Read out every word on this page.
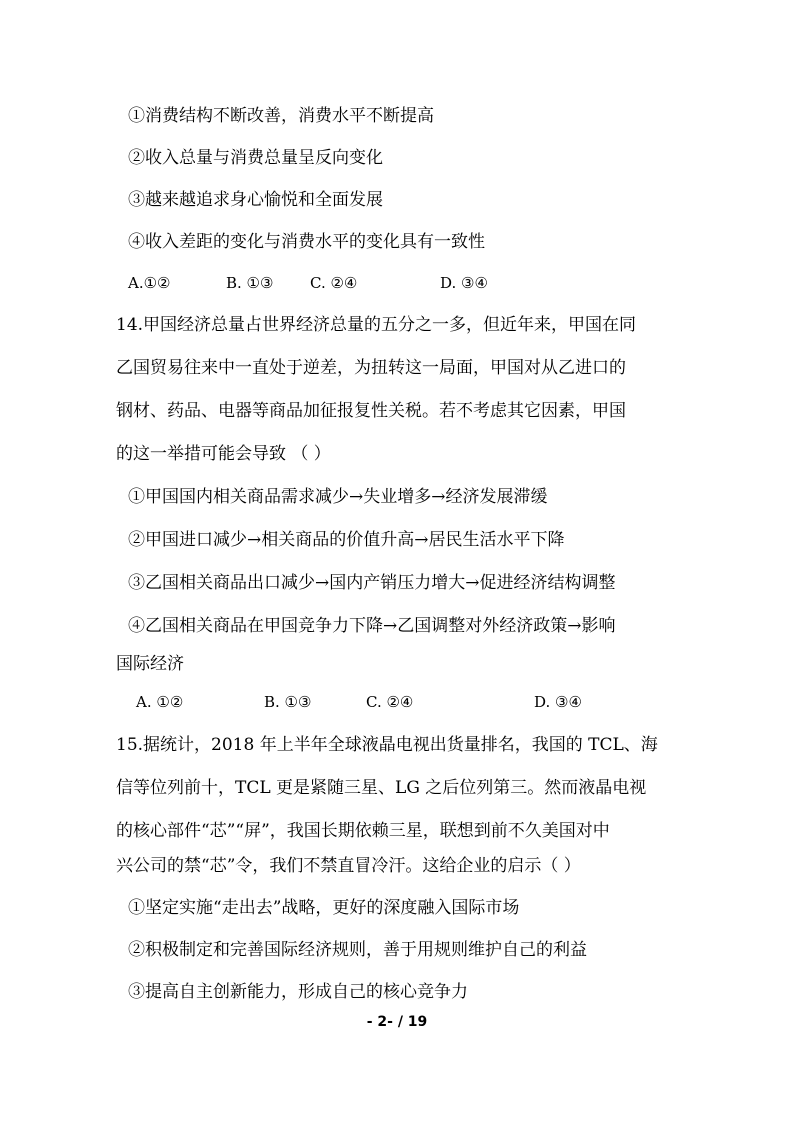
①消费结构不断改善，消费水平不断提高
②收入总量与消费总量呈反向变化
③越来越追求身心愉悦和全面发展
④收入差距的变化与消费水平的变化具有一致性
A.①②	B. ①③ C. ②④	D. ③④
14.甲国经济总量占世界经济总量的五分之一多，但近年来，甲国在同
乙国贸易往来中一直处于逆差，为扭转这一局面，甲国对从乙进口的
钢材、药品、电器等商品加征报复性关税。若不考虑其它因素，甲国
的这一举措可能会导致 （ ）
①甲国国内相关商品需求减少→失业增多→经济发展滞缓
②甲国进口减少→相关商品的价值升高→居民生活水平下降
③乙国相关商品出口减少→国内产销压力增大→促进经济结构调整
④乙国相关商品在甲国竞争力下降→乙国调整对外经济政策→影响
国际经济
A. ①②	B. ①③	C. ②④	D. ③④
15.据统计，2018 年上半年全球液晶电视出货量排名，我国的 TCL、海
信等位列前十，TCL 更是紧随三星、LG 之后位列第三。然而液晶电视
的核心部件“芯”“屏”，我国长期依赖三星，联想到前不久美国对中
兴公司的禁“芯”令，我们不禁直冒冷汗。这给企业的启示（ ）
①坚定实施“走出去”战略，更好的深度融入国际市场
②积极制定和完善国际经济规则，善于用规则维护自己的利益
③提高自主创新能力，形成自己的核心竞争力
- 2- / 19
